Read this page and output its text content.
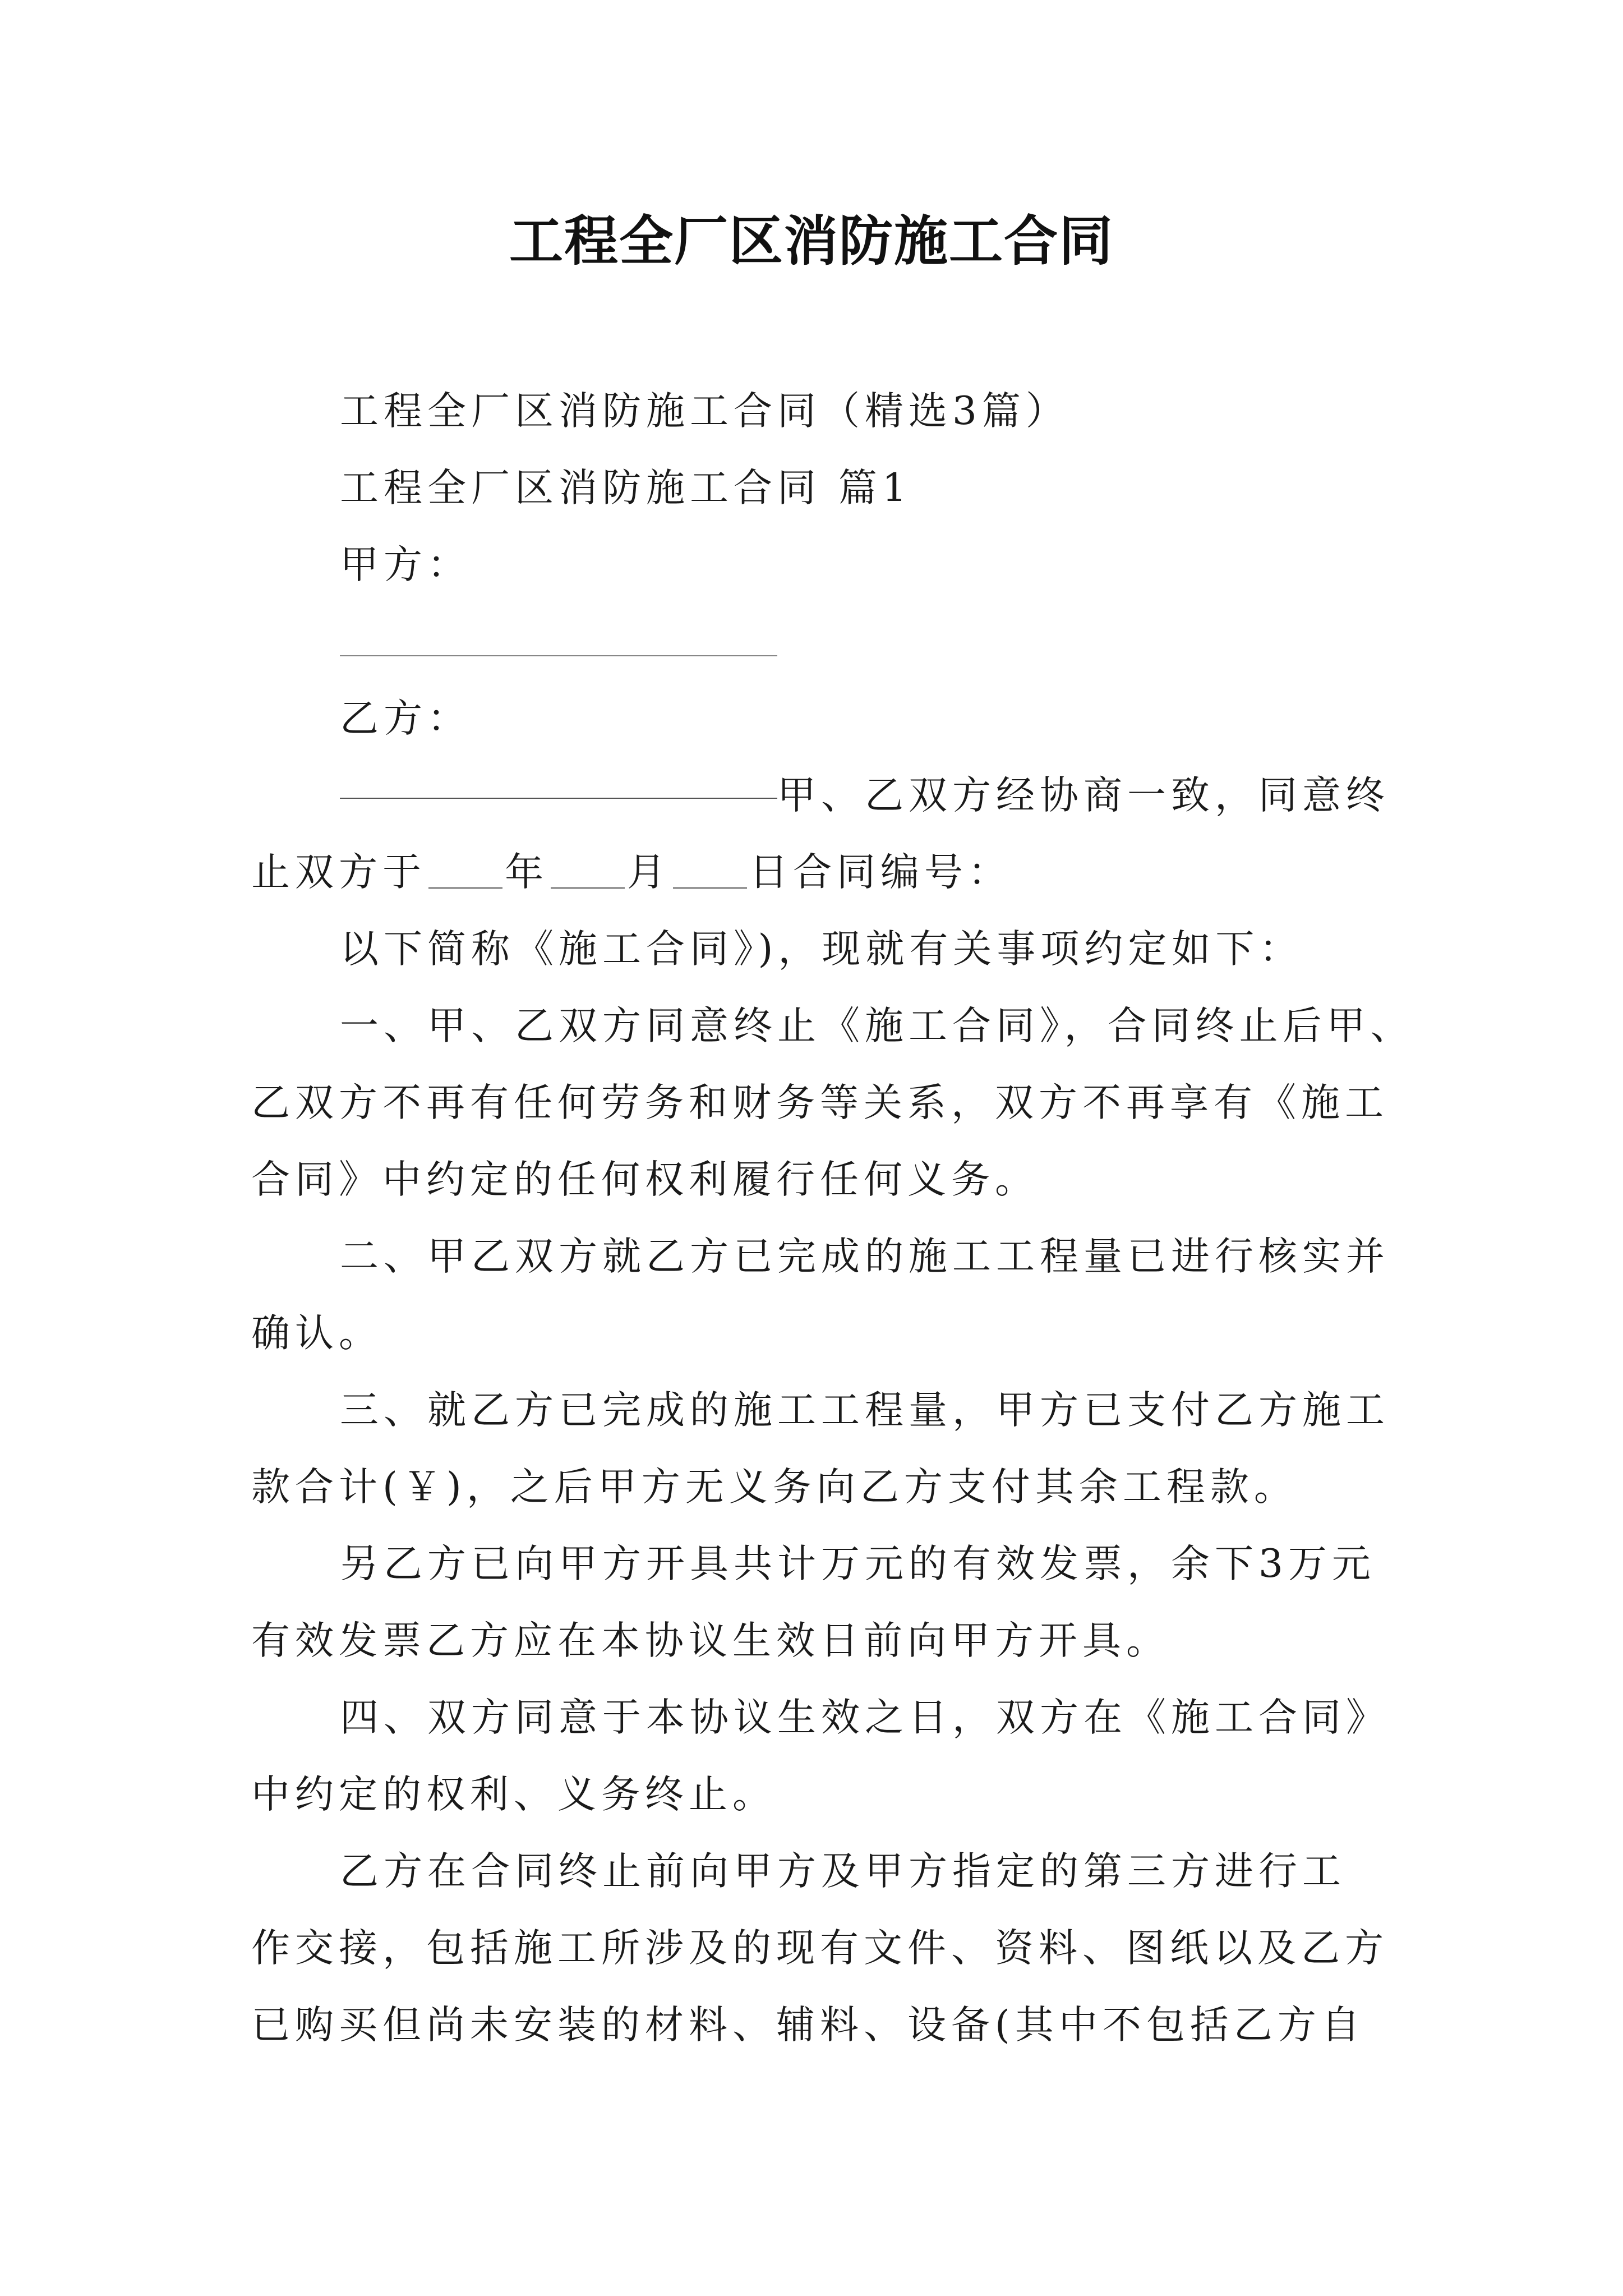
工程全厂区消防施工合同
工程全厂区消防施工合同（精选3篇）
工程全厂区消防施工合同 篇1
甲方：
乙方：
甲、乙双方经协商一致，同意终
止双方于 年 月 日合同编号：
以下简称《施工合同》)，现就有关事项约定如下：
一、甲、乙双方同意终止《施工合同》，合同终止后甲、
乙双方不再有任何劳务和财务等关系，双方不再享有《施工
合同》中约定的任何权利履行任何义务。
二、甲乙双方就乙方已完成的施工工程量已进行核实并
确认。
三、就乙方已完成的施工工程量，甲方已支付乙方施工
款合计(￥)，之后甲方无义务向乙方支付其余工程款。
另乙方已向甲方开具共计万元的有效发票，余下3万元
有效发票乙方应在本协议生效日前向甲方开具。
四、双方同意于本协议生效之日，双方在《施工合同》
中约定的权利、义务终止。
乙方在合同终止前向甲方及甲方指定的第三方进行工
作交接，包括施工所涉及的现有文件、资料、图纸以及乙方
已购买但尚未安装的材料、辅料、设备(其中不包括乙方自
